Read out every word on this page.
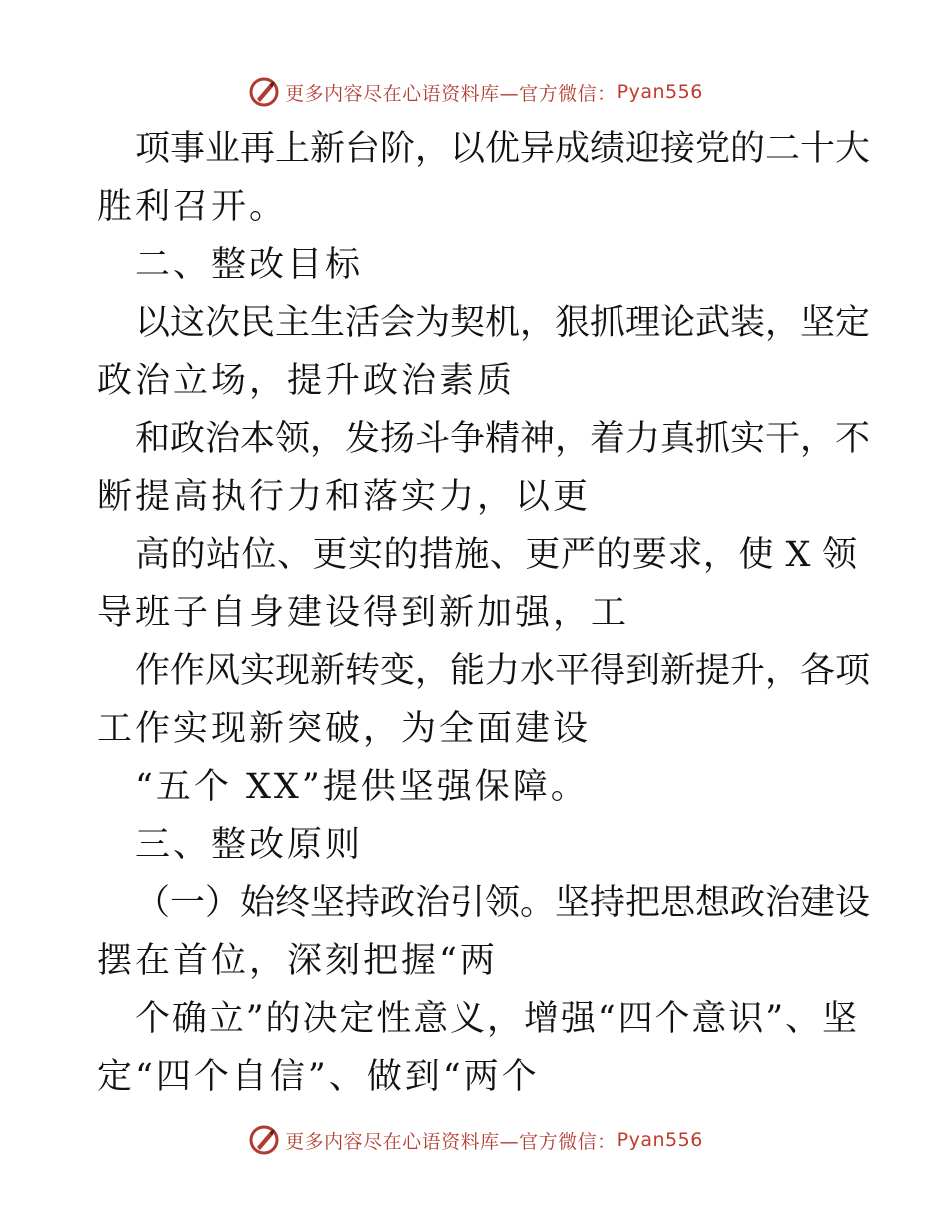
更多内容尽在心语资料库—官方微信： Pyan556
项事业再上新台阶，以优异成绩迎接党的二十大
胜利召开。
二、整改目标
以这次民主生活会为契机，狠抓理论武装，坚定
政治立场，提升政治素质
和政治本领，发扬斗争精神，着力真抓实干，不
断提高执行力和落实力，以更
高的站位、更实的措施、更严的要求，使 X 领
导班子自身建设得到新加强，工
作作风实现新转变，能力水平得到新提升，各项
工作实现新突破，为全面建设
“五个 XX”提供坚强保障。
三、整改原则
（一）始终坚持政治引领。坚持把思想政治建设
摆在首位，深刻把握“两
个确立”的决定性意义，增强“四个意识”、坚
定“四个自信”、做到“两个
更多内容尽在心语资料库—官方微信： Pyan556
